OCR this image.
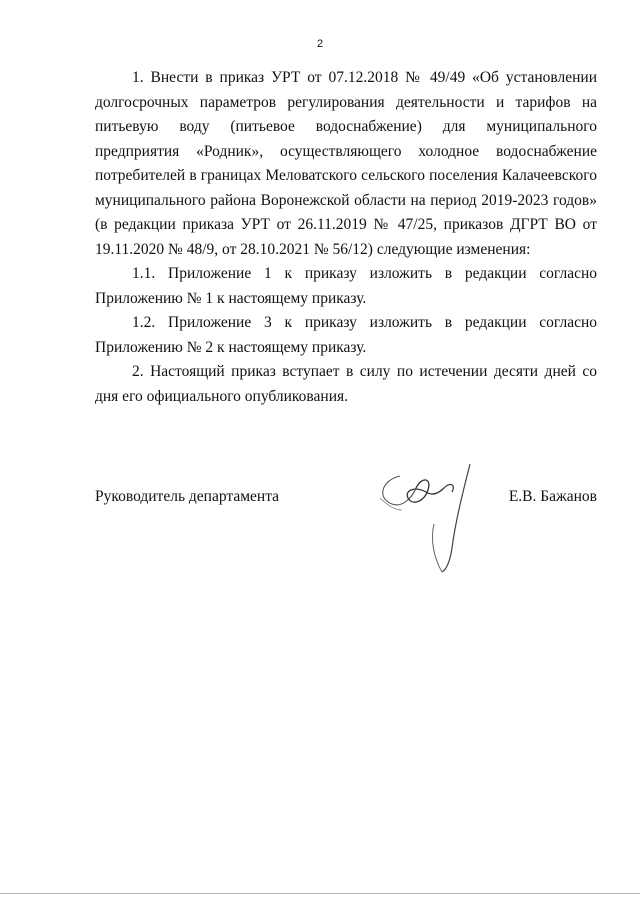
2

1. Внести в приказ УРТ от 07.12.2018 № 49/49 «Об установлении долгосрочных параметров регулирования деятельности и тарифов на питьевую воду (питьевое водоснабжение) для муниципального предприятия «Родник», осуществляющего холодное водоснабжение потребителей в границах Меловатского сельского поселения Калачеевского муниципального района Воронежской области на период 2019-2023 годов» (в редакции приказа УРТ от 26.11.2019 № 47/25, приказов ДГРТ ВО от 19.11.2020 № 48/9, от 28.10.2021 № 56/12) следующие изменения:

1.1. Приложение 1 к приказу изложить в редакции согласно Приложению № 1 к настоящему приказу.

1.2. Приложение 3 к приказу изложить в редакции согласно Приложению № 2 к настоящему приказу.

2. Настоящий приказ вступает в силу по истечении десяти дней со дня его официального опубликования.

Руководитель департамента	Е.В. Бажанов
